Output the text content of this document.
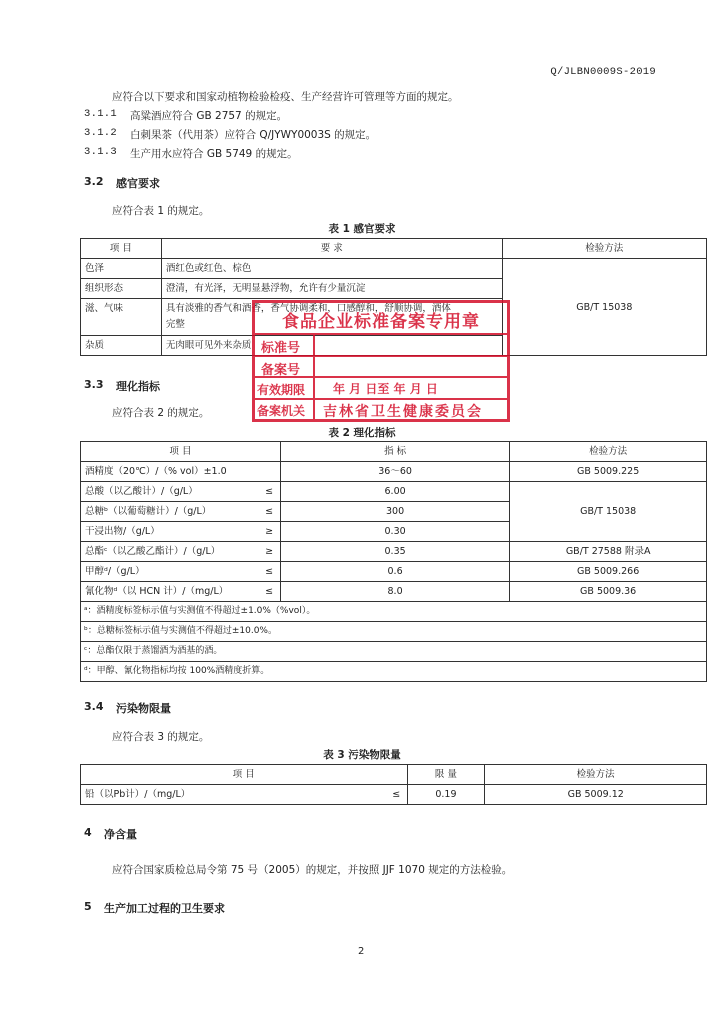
Q/JLBN0009S-2019
应符合以下要求和国家动植物检验检疫、生产经营许可管理等方面的规定。
3.1.1 高粱酒应符合 GB 2757 的规定。
3.1.2 白刺果茶（代用茶）应符合 Q/JYWY0003S 的规定。
3.1.3 生产用水应符合 GB 5749 的规定。
3.2 感官要求
应符合表 1 的规定。
表 1 感官要求
项 目	要 求	检验方法
色泽	酒红色或红色、棕色	GB/T 15038
组织形态	澄清，有光泽，无明显悬浮物，允许有少量沉淀	
滋、气味	具有淡雅的香气和酒香，香气协调柔和，口感醇和，舒顺协调，酒体
完整	

杂质	无肉眼可见外来杂质	
3.3 理化指标
应符合表 2 的规定。
表 2 理化指标
项 目		指 标	检验方法
酒精度（20℃）/（% vol）±1.0		36～60	GB 5009.225
总酸（以乙酸计）/（g/L）	≤	6.00	GB/T 15038
总糖ᵇ（以葡萄糖计）/（g/L）	≤	300	
干浸出物/（g/L）	≥	0.30	
总酯ᶜ（以乙酸乙酯计）/（g/L）	≥	0.35	GB/T 27588 附录A
甲醇ᵈ/（g/L）	≤	0.6	GB 5009.266
氰化物ᵈ（以 HCN 计）/（mg/L）	≤	8.0	GB 5009.36
ᵃ：酒精度标签标示值与实测值不得超过±1.0%（%vol）。			
ᵇ：总糖标签标示值与实测值不得超过±10.0%。			
ᶜ：总酯仅限于蒸馏酒为酒基的酒。			
ᵈ：甲醇、氰化物指标均按 100%酒精度折算。			
3.4 污染物限量
应符合表 3 的规定。
表 3 污染物限量
项 目		限 量	检验方法
铅（以Pb计）/（mg/L）	≤	0.19	GB 5009.12
4 净含量
应符合国家质检总局令第 75 号（2005）的规定，并按照 JJF 1070 规定的方法检验。
5 生产加工过程的卫生要求
2
食品企业标准备案专用章
标准号
备案号
有效期限 年 月 日至 年 月 日
备案机关 吉林省卫生健康委员会
